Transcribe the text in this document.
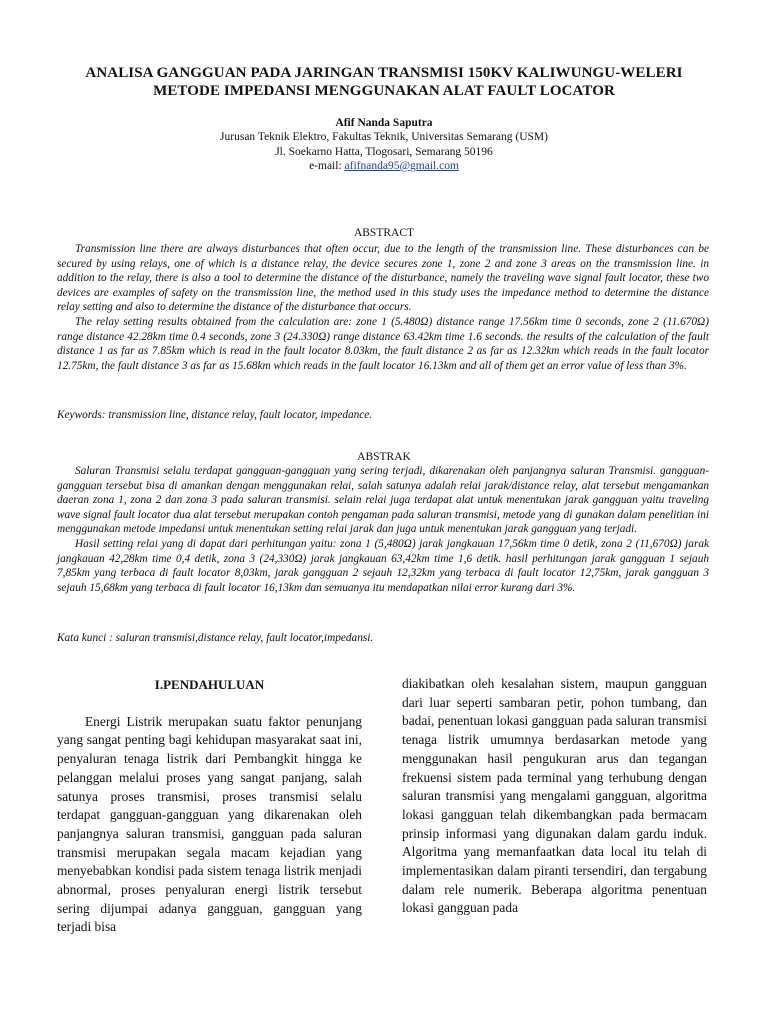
ANALISA GANGGUAN PADA JARINGAN TRANSMISI 150KV KALIWUNGU-WELERI
METODE IMPEDANSI MENGGUNAKAN ALAT FAULT LOCATOR
Afif Nanda Saputra
Jurusan Teknik Elektro, Fakultas Teknik, Universitas Semarang (USM)
Jl. Soekarno Hatta, Tlogosari, Semarang 50196
e-mail: afifnanda95@gmail.com
ABSTRACT

Transmission line there are always disturbances that often occur, due to the length of the transmission line. These disturbances can be secured by using relays, one of which is a distance relay, the device secures zone 1, zone 2 and zone 3 areas on the transmission line. in addition to the relay, there is also a tool to determine the distance of the disturbance, namely the traveling wave signal fault locator, these two devices are examples of safety on the transmission line, the method used in this study uses the impedance method to determine the distance relay setting and also to determine the distance of the disturbance that occurs.

The relay setting results obtained from the calculation are: zone 1 (5.480Ω) distance range 17.56km time 0 seconds, zone 2 (11.670Ω) range distance 42.28km time 0.4 seconds, zone 3 (24.330Ω) range distance 63.42km time 1.6 seconds. the results of the calculation of the fault distance 1 as far as 7.85km which is read in the fault locator 8.03km, the fault distance 2 as far as 12.32km which reads in the fault locator 12.75km, the fault distance 3 as far as 15.68km which reads in the fault locator 16.13km and all of them get an error value of less than 3%.

Keywords: transmission line, distance relay, fault locator, impedance.
ABSTRAK

Saluran Transmisi selalu terdapat gangguan-gangguan yang sering terjadi, dikarenakan oleh panjangnya saluran Transmisi. gangguan-gangguan tersebut bisa di amankan dengan menggunakan relai, salah satunya adalah relai jarak/distance relay, alat tersebut mengamankan daeran zona 1, zona 2 dan zona 3 pada saluran transmisi. selain relai juga terdapat alat untuk menentukan jarak gangguan yaitu traveling wave signal fault locator dua alat tersebut merupakan contoh pengaman pada saluran transmisi, metode yang di gunakan dalam penelitian ini menggunakan metode impedansi untuk menentukan setting relai jarak dan juga untuk menentukan jarak gangguan yang terjadi.

Hasil setting relai yang di dapat dari perhitungan yaitu: zona 1 (5,480Ω) jarak jangkauan 17,56km time 0 detik, zona 2 (11,670Ω) jarak jangkauan 42,28km time 0,4 detik, zona 3 (24,330Ω) jarak jangkauan 63,42km time 1,6 detik. hasil perhitungan jarak gangguan 1 sejauh 7,85km yang terbaca di fault locator 8,03km, jarak gangguan 2 sejauh 12,32km yang terbaca di fault locator 12,75km, jarak gangguan 3 sejauh 15,68km yang terbaca di fault locator 16,13km dan semuanya itu mendapatkan nilai error kurang dari 3%.

Kata kunci : saluran transmisi,distance relay, fault locator,impedansi.
I.PENDAHULUAN

Energi Listrik merupakan suatu faktor penunjang yang sangat penting bagi kehidupan masyarakat saat ini, penyaluran tenaga listrik dari Pembangkit hingga ke pelanggan melalui proses yang sangat panjang, salah satunya proses transmisi, proses transmisi selalu terdapat gangguan-gangguan yang dikarenakan oleh panjangnya saluran transmisi, gangguan pada saluran transmisi merupakan segala macam kejadian yang menyebabkan kondisi pada sistem tenaga listrik menjadi abnormal, proses penyaluran energi listrik tersebut sering dijumpai adanya gangguan, gangguan yang terjadi bisa

diakibatkan oleh kesalahan sistem, maupun gangguan dari luar seperti sambaran petir, pohon tumbang, dan badai, penentuan lokasi gangguan pada saluran transmisi tenaga listrik umumnya berdasarkan metode yang menggunakan hasil pengukuran arus dan tegangan frekuensi sistem pada terminal yang terhubung dengan saluran transmisi yang mengalami gangguan, algoritma lokasi gangguan telah dikembangkan pada bermacam prinsip informasi yang digunakan dalam gardu induk. Algoritma yang memanfaatkan data local itu telah di implementasikan dalam piranti tersendiri, dan tergabung dalam rele numerik. Beberapa algoritma penentuan lokasi gangguan pada
